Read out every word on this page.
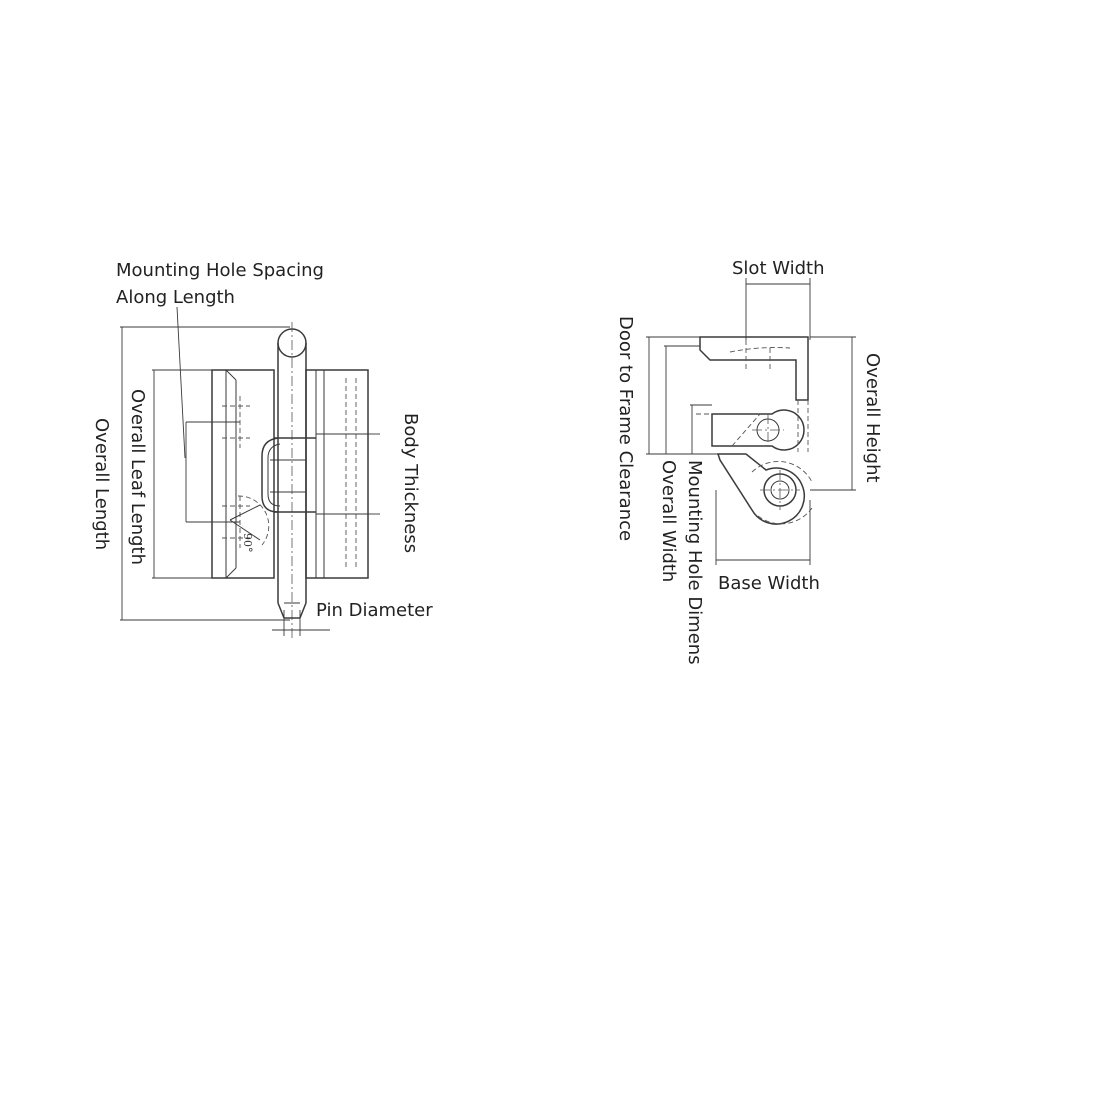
90°
Mounting Hole Spacing
Along Length
Overall Length Overall Leaf Length	Body Thickness
Pin Diameter
Slot Width
Door to Frame Clearance Overall Width Mounting Hole Dimens
Overall Height
Base Width
